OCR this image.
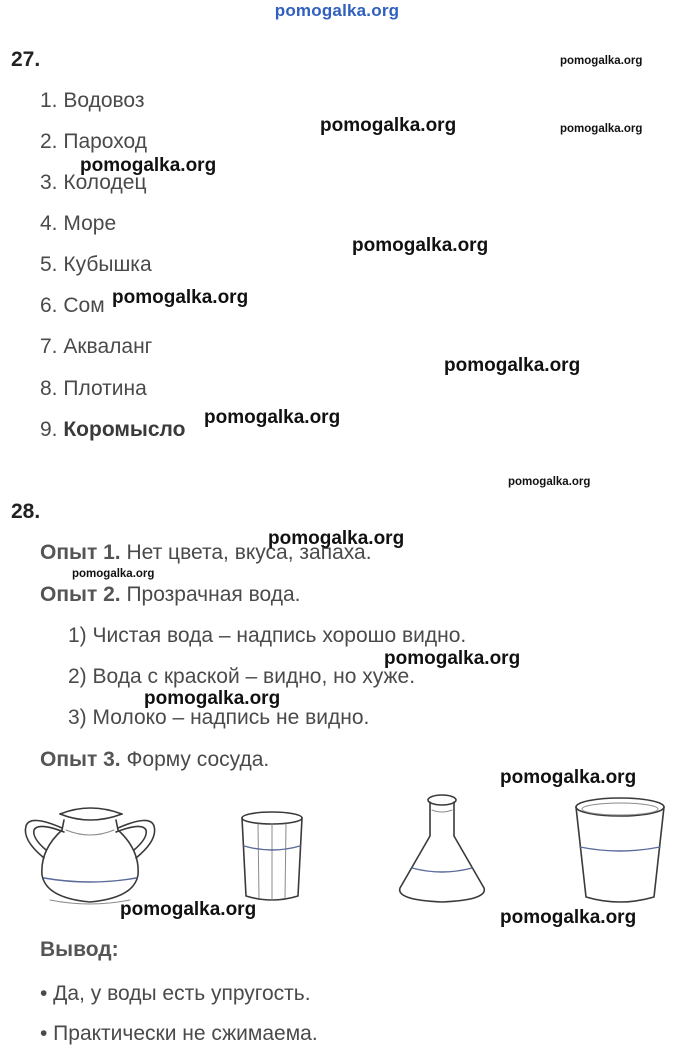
pomogalka.org
27.
1. Водовоз
2. Пароход
3. Колодец
4. Море
5. Кубышка
6. Сом
7. Акваланг
8. Плотина
9. Коромысло
28.
Опыт 1. Нет цвета, вкуса, запаха.
Опыт 2. Прозрачная вода.
1) Чистая вода – надпись хорошо видно.
2) Вода с краской – видно, но хуже.
3) Молоко – надпись не видно.
Опыт 3. Форму сосуда.
Вывод:
• Да, у воды есть упругость.
• Практически не сжимаема.
pomogalka.org
pomogalka.org	pomogalka.org
pomogalka.org
pomogalka.org
pomogalka.org
pomogalka.org
pomogalka.org
pomogalka.org
pomogalka.org
pomogalka.org
pomogalka.org
pomogalka.org
pomogalka.org
pomogalka.org	pomogalka.org
